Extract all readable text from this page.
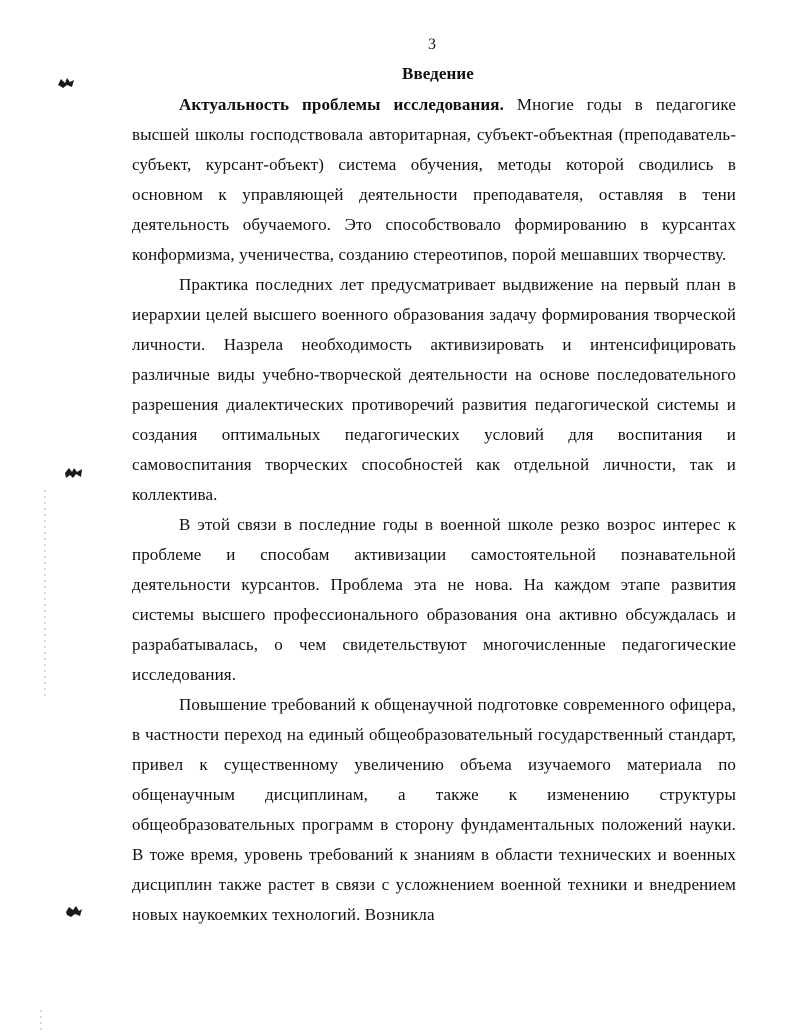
3
Введение

Актуальность проблемы исследования. Многие годы в педагогике высшей школы господствовала авторитарная, субъект-объектная (преподаватель-субъект, курсант-объект) система обучения, методы которой сводились в основном к управляющей деятельности преподавателя, оставляя в тени деятельность обучаемого. Это способствовало формированию в курсантах конформизма, ученичества, созданию стереотипов, порой мешавших творчеству.

Практика последних лет предусматривает выдвижение на первый план в иерархии целей высшего военного образования задачу формирования творческой личности. Назрела необходимость активизировать и интенсифицировать различные виды учебно-творческой деятельности на основе последовательного разрешения диалектических противоречий развития педагогической системы и создания оптимальных педагогических условий для воспитания и самовоспитания творческих способностей как отдельной личности, так и коллектива.

В этой связи в последние годы в военной школе резко возрос интерес к проблеме и способам активизации самостоятельной познавательной деятельности курсантов. Проблема эта не нова. На каждом этапе развития системы высшего профессионального образования она активно обсуждалась и разрабатывалась, о чем свидетельствуют многочисленные педагогические исследования.

Повышение требований к общенаучной подготовке современного офицера, в частности переход на единый общеобразовательный государственный стандарт, привел к существенному увеличению объема изучаемого материала по общенаучным дисциплинам, а также к изменению структуры общеобразовательных программ в сторону фундаментальных положений науки. В тоже время, уровень требований к знаниям в области технических и военных дисциплин также растет в связи с усложнением военной техники и внедрением новых наукоемких технологий. Возникла
